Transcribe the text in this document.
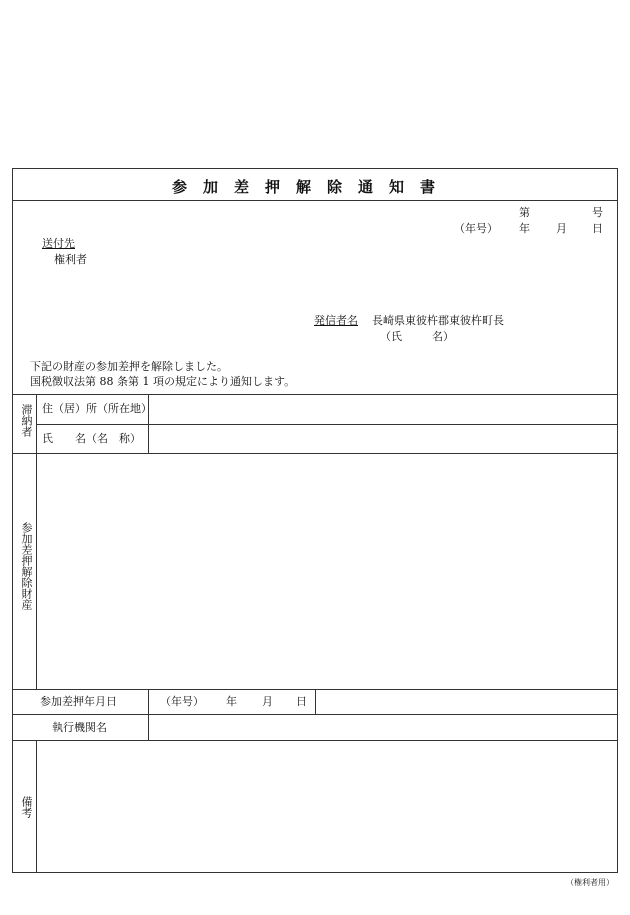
参加差押解除通知書
第	号
（年号） 年 月 日
送付先
権利者
発信者名 長崎県東彼杵郡東彼杵町長
（氏	名）
下記の財産の参加差押を解除しました。
国税徴収法第 88 条第 1 項の規定により通知します。
滞納者 住（居）所（所在地）
氏　　名（名　称）
参加差押解除財産
参加差押年月日	（年号） 年 月 日
執行機関名
備考
（権利者用）
